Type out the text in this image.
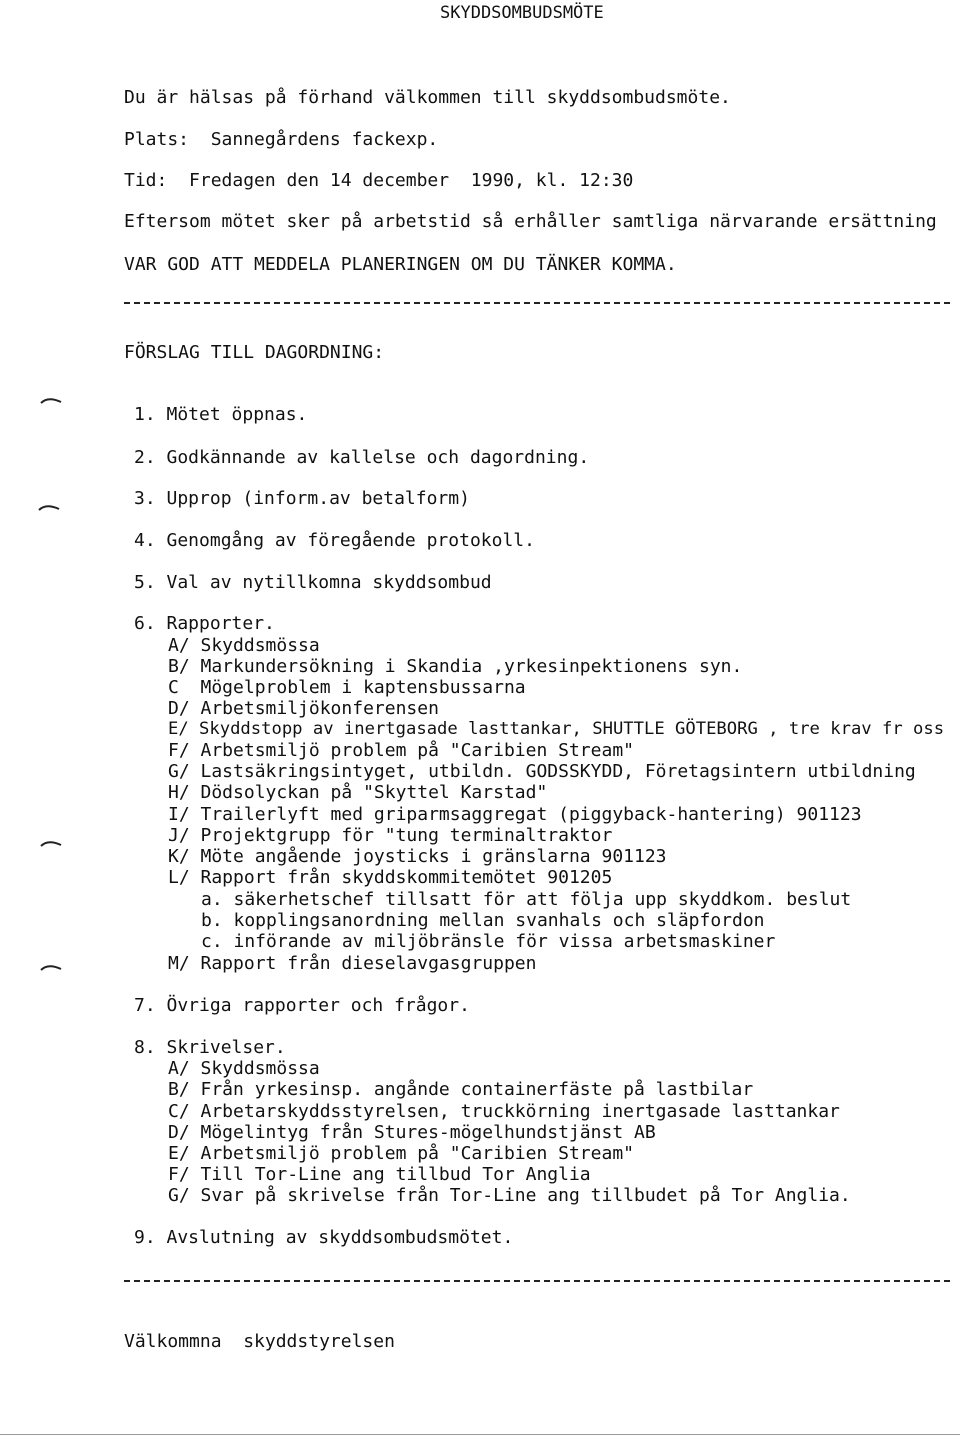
SKYDDSOMBUDSMÖTE
Du är hälsas på förhand välkommen till skyddsombudsmöte.
Plats:  Sannegårdens fackexp.
Tid:  Fredagen den 14 december  1990, kl. 12:30
Eftersom mötet sker på arbetstid så erhåller samtliga närvarande ersättning
VAR GOD ATT MEDDELA PLANERINGEN OM DU TÄNKER KOMMA.
FÖRSLAG TILL DAGORDNING:
1. Mötet öppnas.
2. Godkännande av kallelse och dagordning.
3. Upprop (inform.av betalform)
4. Genomgång av föregående protokoll.
5. Val av nytillkomna skyddsombud
6. Rapporter.
A/ Skyddsmössa
B/ Markundersökning i Skandia ,yrkesinpektionens syn.
C  Mögelproblem i kaptensbussarna
D/ Arbetsmiljökonferensen
E/ Skyddstopp av inertgasade lasttankar, SHUTTLE GÖTEBORG , tre krav fr oss
F/ Arbetsmiljö problem på "Caribien Stream"
G/ Lastsäkringsintyget, utbildn. GODSSKYDD, Företagsintern utbildning
H/ Dödsolyckan på "Skyttel Karstad"
I/ Trailerlyft med griparmsaggregat (piggyback-hantering) 901123
J/ Projektgrupp för "tung terminaltraktor
K/ Möte angående joysticks i gränslarna 901123
L/ Rapport från skyddskommitemötet 901205
a. säkerhetschef tillsatt för att följa upp skyddkom. beslut
b. kopplingsanordning mellan svanhals och släpfordon
c. införande av miljöbränsle för vissa arbetsmaskiner
M/ Rapport från dieselavgasgruppen
7. Övriga rapporter och frågor.
8. Skrivelser.
A/ Skyddsmössa
B/ Från yrkesinsp. angånde containerfäste på lastbilar
C/ Arbetarskyddsstyrelsen, truckkörning inertgasade lasttankar
D/ Mögelintyg från Stures-mögelhundstjänst AB
E/ Arbetsmiljö problem på "Caribien Stream"
F/ Till Tor-Line ang tillbud Tor Anglia
G/ Svar på skrivelse från Tor-Line ang tillbudet på Tor Anglia.
9. Avslutning av skyddsombudsmötet.
Välkommna  skyddstyrelsen
